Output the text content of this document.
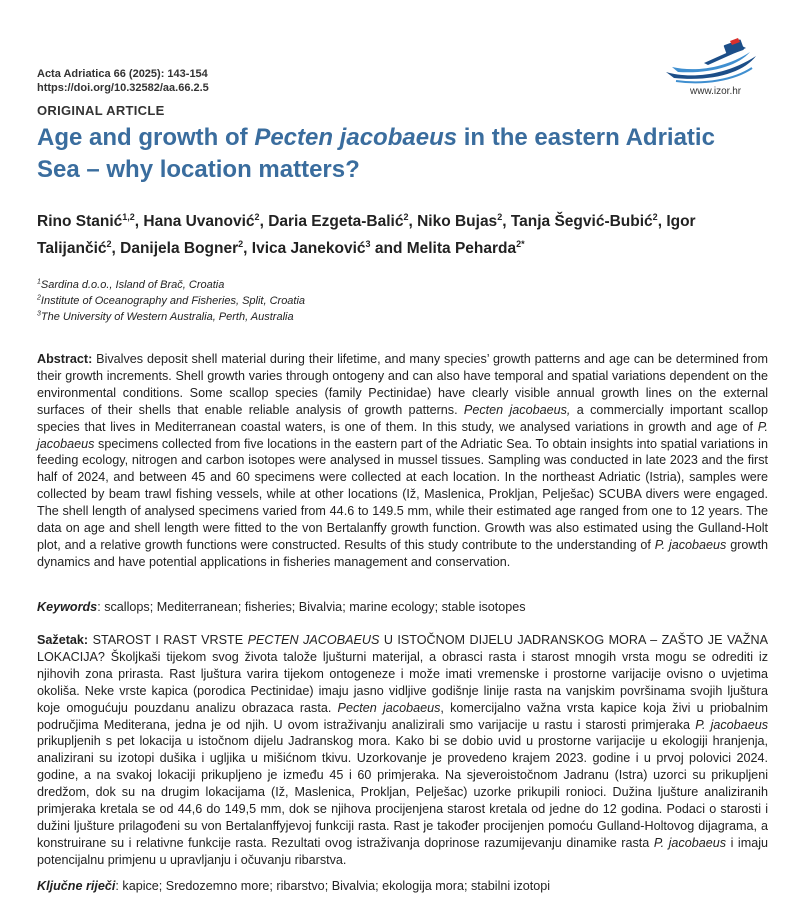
Acta Adriatica 66 (2025): 143-154
https://doi.org/10.32582/aa.66.2.5	www.izor.hr
ORIGINAL ARTICLE
Age and growth of Pecten jacobaeus in the eastern Adriatic Sea – why location matters?
Rino Stanić$^{1,2}$, Hana Uvanović$^2$, Daria Ezgeta-Balić$^2$, Niko Bujas$^2$, Tanja Šegvić-Bubić$^2$, Igor Talijančić$^2$, Danijela Bogner$^2$, Ivica Janeković$^3$ and Melita Peharda$^{2*}$
$^1$Sardina d.o.o., Island of Brač, Croatia
$^2$Institute of Oceanography and Fisheries, Split, Croatia
$^3$The University of Western Australia, Perth, Australia
Abstract: Bivalves deposit shell material during their lifetime, and many species’ growth patterns and age can be determined from their growth increments. Shell growth varies through ontogeny and can also have temporal and spatial variations dependent on the environmental conditions. Some scallop species (family Pectinidae) have clearly visible annual growth lines on the external surfaces of their shells that enable reliable analysis of growth patterns. Pecten jacobaeus, a commercially important scallop species that lives in Mediterranean coastal waters, is one of them. In this study, we analysed variations in growth and age of P. jacobaeus specimens collected from five locations in the eastern part of the Adriatic Sea. To obtain insights into spatial variations in feeding ecology, nitrogen and carbon isotopes were analysed in mussel tissues. Sampling was conducted in late 2023 and the first half of 2024, and between 45 and 60 specimens were collected at each location. In the northeast Adriatic (Istria), samples were collected by beam trawl fishing vessels, while at other locations (Iž, Maslenica, Prokljan, Pelješac) SCUBA divers were engaged. The shell length of analysed specimens varied from 44.6 to 149.5 mm, while their estimated age ranged from one to 12 years. The data on age and shell length were fitted to the von Bertalanffy growth function. Growth was also estimated using the Gulland-Holt plot, and a relative growth functions were constructed. Results of this study contribute to the understanding of P. jacobaeus growth dynamics and have potential applications in fisheries management and conservation.
Keywords: scallops; Mediterranean; fisheries; Bivalvia; marine ecology; stable isotopes
Sažetak: STAROST I RAST VRSTE PECTEN JACOBAEUS U ISTOČNOM DIJELU JADRANSKOG MORA – ZAŠTO JE VAŽNA LOKACIJA? Školjkaši tijekom svog života talože ljušturni materijal, a obrasci rasta i starost mnogih vrsta mogu se odrediti iz njihovih zona prirasta. Rast ljuštura varira tijekom ontogeneze i može imati vremenske i prostorne varijacije ovisno o uvjetima okoliša. Neke vrste kapica (porodica Pectinidae) imaju jasno vidljive godišnje linije rasta na vanjskim površinama svojih ljuštura koje omogućuju pouzdanu analizu obrazaca rasta. Pecten jacobaeus, komercijalno važna vrsta kapice koja živi u priobalnim područjima Mediterana, jedna je od njih. U ovom istraživanju analizirali smo varijacije u rastu i starosti primjeraka P. jacobaeus prikupljenih s pet lokacija u istočnom dijelu Jadranskog mora. Kako bi se dobio uvid u prostorne varijacije u ekologiji hranjenja, analizirani su izotopi dušika i ugljika u mišićnom tkivu. Uzorkovanje je provedeno krajem 2023. godine i u prvoj polovici 2024. godine, a na svakoj lokaciji prikupljeno je između 45 i 60 primjeraka. Na sjeveroistočnom Jadranu (Istra) uzorci su prikupljeni dredžom, dok su na drugim lokacijama (Iž, Maslenica, Prokljan, Pelješac) uzorke prikupili ronioci. Dužina ljušture analiziranih primjeraka kretala se od 44,6 do 149,5 mm, dok se njihova procijenjena starost kretala od jedne do 12 godina. Podaci o starosti i dužini ljušture prilagođeni su von Bertalanffyjevoj funkciji rasta. Rast je također procijenjen pomoću Gulland-Holtovog dijagrama, a konstruirane su i relativne funkcije rasta. Rezultati ovog istraživanja doprinose razumijevanju dinamike rasta P. jacobaeus i imaju potencijalnu primjenu u upravljanju i očuvanju ribarstva.
Ključne riječi: kapice; Sredozemno more; ribarstvo; Bivalvia; ekologija mora; stabilni izotopi
